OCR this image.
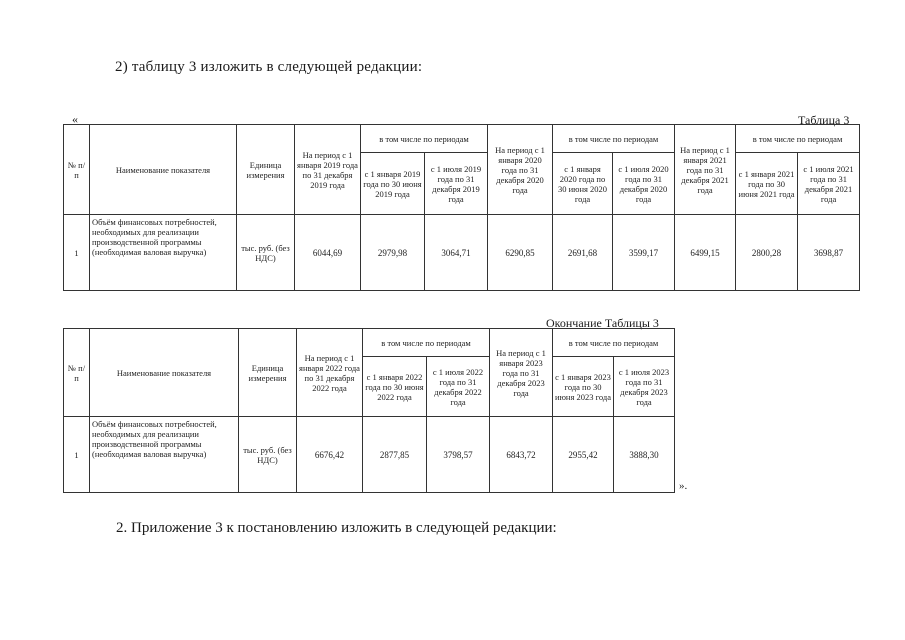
2) таблицу 3 изложить в следующей редакции:
«	Таблица 3
№ п/п	Наименование показателя	Единица измерения	На период с 1 января 2019 года по 31 декабря 2019 года	в том числе по периодам		На период с 1 января 2020 года по 31 декабря 2020 года	в том числе по периодам		На период с 1 января 2021 года по 31 декабря 2021 года	в том числе по периодам	
				с 1 января 2019 года по 30 июня 2019 года	с 1 июля 2019 года по 31 декабря 2019 года		с 1 января 2020 года по 30 июня 2020 года	с 1 июля 2020 года по 31 декабря 2020 года		с 1 января 2021 года по 30 июня 2021 года	с 1 июля 2021 года по 31 декабря 2021 года
1	Объём финансовых потребностей, необходимых для реализации производственной программы (необходимая валовая выручка)	тыс. руб. (без НДС)	6044,69	2979,98	3064,71	6290,85	2691,68	3599,17	6499,15	2800,28	3698,87
Окончание Таблицы 3
№ п/п	Наименование показателя	Единица измерения	На период с 1 января 2022 года по 31 декабря 2022 года	в том числе по периодам		На период с 1 января 2023 года по 31 декабря 2023 года	в том числе по периодам	
				с 1 января 2022 года по 30 июня 2022 года	с 1 июля 2022 года по 31 декабря 2022 года		с 1 января 2023 года по 30 июня 2023 года	с 1 июля 2023 года по 31 декабря 2023 года
1	Объём финансовых потребностей, необходимых для реализации производственной программы (необходимая валовая выручка)	тыс. руб. (без НДС)	6676,42	2877,85	3798,57	6843,72	2955,42	3888,30
».
2. Приложение 3 к постановлению изложить в следующей редакции:
